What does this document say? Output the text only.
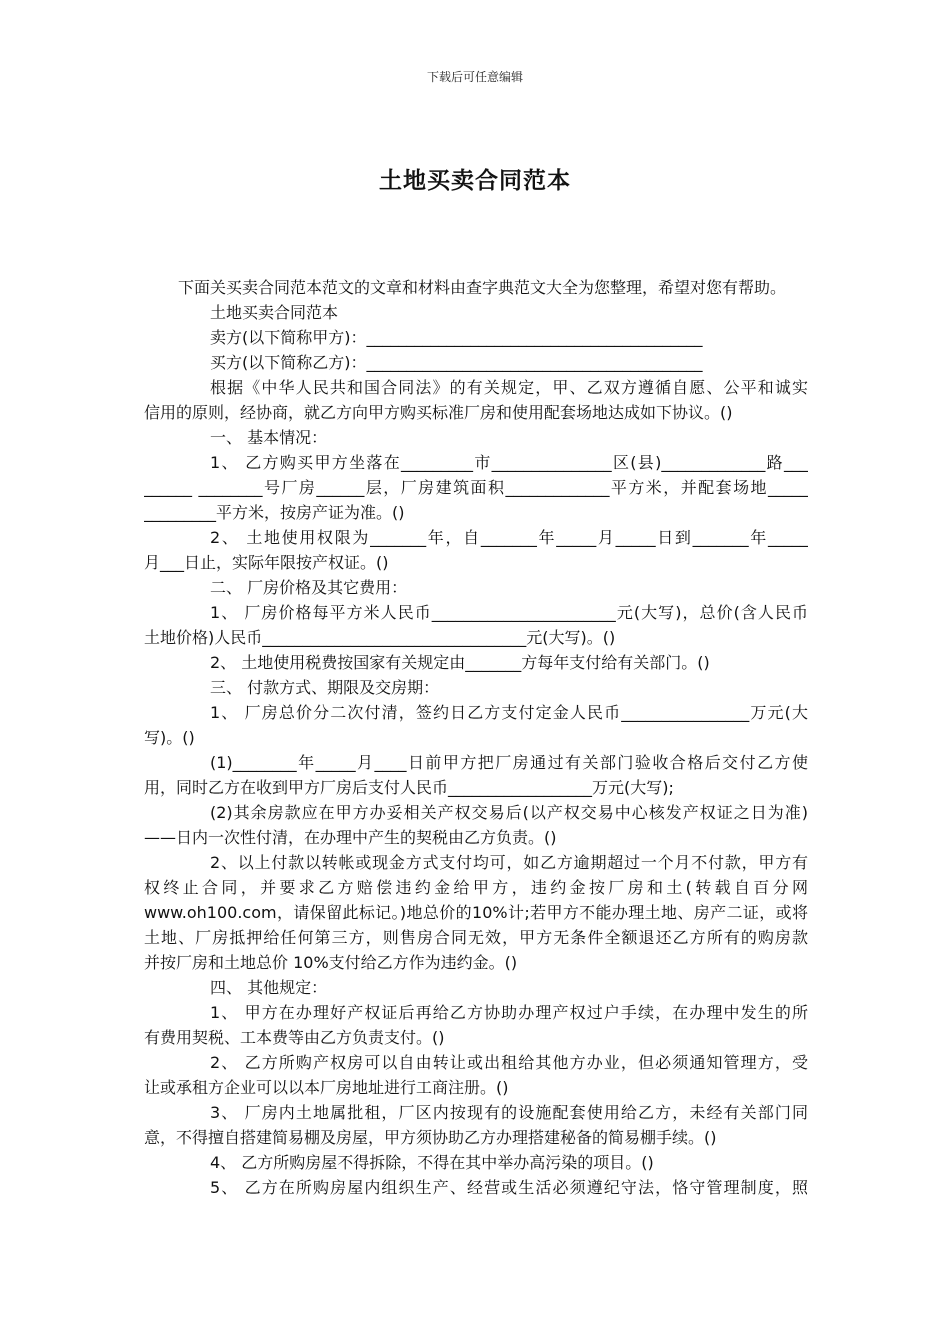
下载后可任意编辑
土地买卖合同范本

下面关买卖合同范本范文的文章和材料由查字典范文大全为您整理，希望对您有帮助。

土地买卖合同范本

卖方(以下简称甲方)：__________________________________________

买方(以下简称乙方)：__________________________________________

根据《中华人民共和国合同法》的有关规定，甲、乙双方遵循自愿、公平和诚实

信用的原则，经协商，就乙方向甲方购买标准厂房和使用配套场地达成如下协议。()

一、 基本情况：

1、 乙方购买甲方坐落在_________市_______________区(县)_____________路___

______ ________号厂房______层，厂房建筑面积_____________平方米，并配套场地_____

_________平方米，按房产证为准。()

2、 土地使用权限为_______年，自_______年_____月_____日到_______年_____

月___日止，实际年限按产权证。()

二、 厂房价格及其它费用：

1、 厂房价格每平方米人民币_______________________元(大写)，总价(含人民币

土地价格)人民币_________________________________元(大写)。()

2、 土地使用税费按国家有关规定由_______方每年支付给有关部门。()

三、 付款方式、期限及交房期：

1、 厂房总价分二次付清，签约日乙方支付定金人民币________________万元(大

写)。()

(1)________年_____月____日前甲方把厂房通过有关部门验收合格后交付乙方使

用，同时乙方在收到甲方厂房后支付人民币__________________万元(大写);

(2)其余房款应在甲方办妥相关产权交易后(以产权交易中心核发产权证之日为准)

——日内一次性付清，在办理中产生的契税由乙方负责。()

2、以上付款以转帐或现金方式支付均可，如乙方逾期超过一个月不付款，甲方有

权终止合同，并要求乙方赔偿违约金给甲方，违约金按厂房和土(转载自百分网

www.oh100.com，请保留此标记。)地总价的10%计;若甲方不能办理土地、房产二证，或将

土地、厂房抵押给任何第三方，则售房合同无效，甲方无条件全额退还乙方所有的购房款

并按厂房和土地总价 10%支付给乙方作为违约金。()

四、 其他规定：

1、 甲方在办理好产权证后再给乙方协助办理产权过户手续，在办理中发生的所

有费用契税、工本费等由乙方负责支付。()

2、 乙方所购产权房可以自由转让或出租给其他方办业，但必须通知管理方，受

让或承租方企业可以以本厂房地址进行工商注册。()

3、 厂房内土地属批租，厂区内按现有的设施配套使用给乙方，未经有关部门同

意，不得擅自搭建简易棚及房屋，甲方须协助乙方办理搭建秘备的简易棚手续。()

4、 乙方所购房屋不得拆除，不得在其中举办高污染的项目。()

5、 乙方在所购房屋内组织生产、经营或生活必须遵纪守法，恪守管理制度，照
